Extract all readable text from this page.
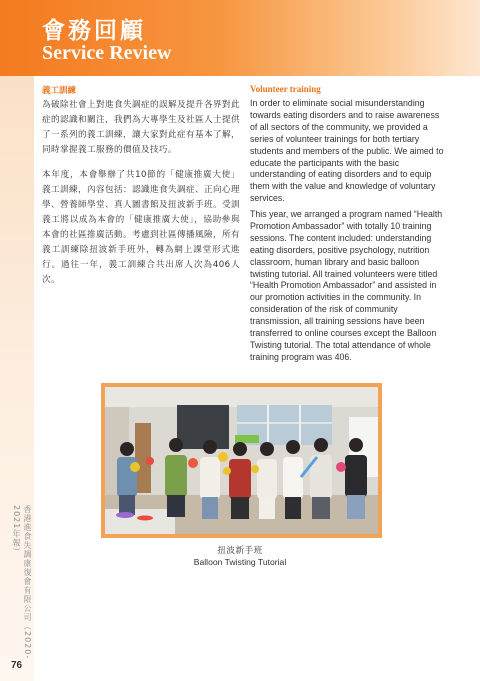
會務回顧
Service Review
義工訓練
為破除社會上對進食失調症的誤解及提升各界對此症的認識和關注，我們為大專學生及社區人士提供了一系列的義工訓練，讓大家對此症有基本了解，同時掌握義工服務的價值及技巧。
本年度，本會舉辦了共10節的「健康推廣大使」義工訓練，內容包括：認識進食失調症、正向心理學、營養師學堂、真人圖書館及扭波新手班。受訓義工將以成為本會的「健康推廣大使」，協助參與本會的社區推廣活動。考慮到社區傳播風險，所有義工訓練除扭波新手班外，轉為網上課堂形式進行。過往一年，義工訓練合共出席人次為406人次。
Volunteer training
In order to eliminate social misunderstanding towards eating disorders and to raise awareness of all sectors of the community, we provided a series of volunteer trainings for both tertiary students and members of the public. We aimed to educate the participants with the basic understanding of eating disorders and to equip them with the value and knowledge of voluntary services.
This year, we arranged a program named “Health Promotion Ambassador” with totally 10 training sessions. The content included: understanding eating disorders, positive psychology, nutrition classroom, human library and basic balloon twisting tutorial. All trained volunteers were titled “Health Promotion Ambassador” and assisted in our promotion activities in the community. In consideration of the risk of community transmission, all training sessions have been transferred to online courses except the Balloon Twisting tutorial. The total attendance of whole training program was 406.
扭波新手班
Balloon Twisting Tutorial
香港進食失調康復會有限公司（2020-2021年報）
76
